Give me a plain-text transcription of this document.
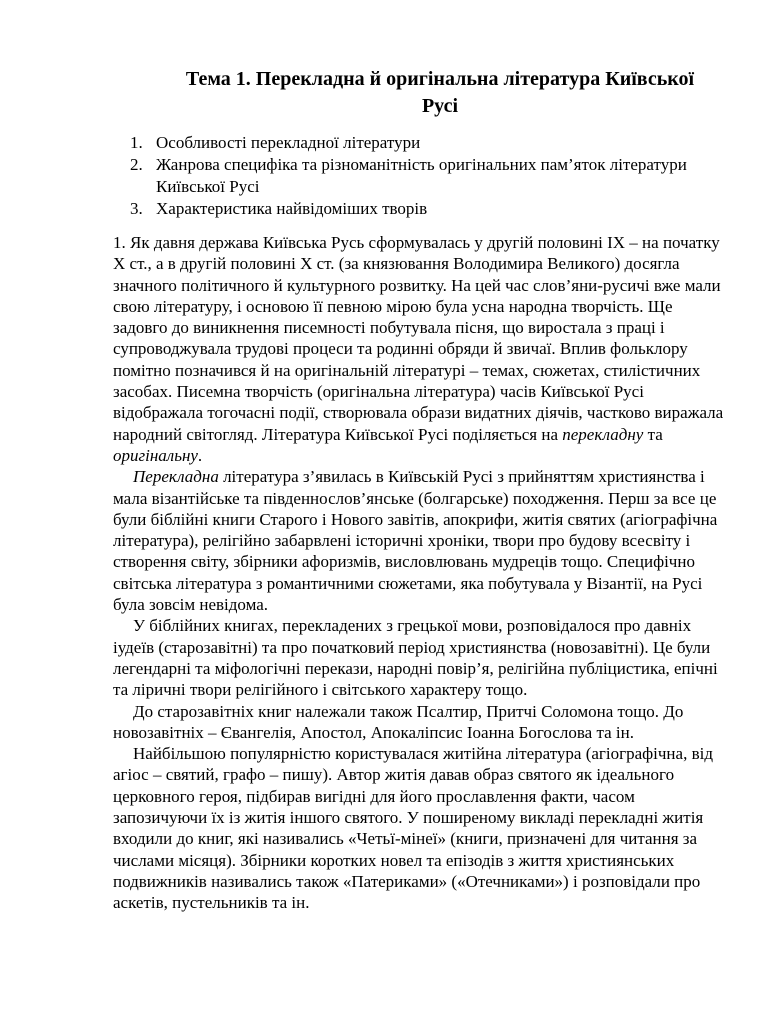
Тема 1. Перекладна й оригінальна література Київської
Русі
1. Особливості перекладної літератури
2. Жанрова специфіка та різноманітність оригінальних пам’яток літератури Київської Русі
3. Характеристика найвідоміших творів

1. Як давня держава Київська Русь сформувалась у другій половині IX – на початку X ст., а в другій половині X ст. (за князювання Володимира Великого) досягла значного політичного й культурного розвитку. На цей час слов’яни-русичі вже мали свою літературу, і основою її певною мірою була усна народна творчість. Ще задовго до виникнення писемності побутувала пісня, що виростала з праці і супроводжувала трудові процеси та родинні обряди й звичаї. Вплив фольклору помітно позначився й на оригінальній літературі – темах, сюжетах, стилістичних засобах. Писемна творчість (оригінальна література) часів Київської Русі відображала тогочасні події, створювала образи видатних діячів, частково виражала народний світогляд. Література Київської Русі поділяється на перекладну та оригінальну.

Перекладна література з’явилась в Київській Русі з прийняттям християнства і мала візантійське та південнослов’янське (болгарське) походження. Перш за все це були біблійні книги Старого і Нового завітів, апокрифи, житія святих (агіографічна література), релігійно забарвлені історичні хроніки, твори про будову всесвіту і створення світу, збірники афоризмів, висловлювань мудреців тощо. Специфічно світська література з романтичними сюжетами, яка побутувала у Візантії, на Русі була зовсім невідома.

У біблійних книгах, перекладених з грецької мови, розповідалося про давніх іудеїв (старозавітні) та про початковий період християнства (новозавітні). Це були легендарні та міфологічні перекази, народні повір’я, релігійна публіцистика, епічні та ліричні твори релігійного і світського характеру тощо.

До старозавітніх книг належали також Псалтир, Притчі Соломона тощо. До новозавітніх – Євангелія, Апостол, Апокаліпсис Іоанна Богослова та ін.

Найбільшою популярністю користувалася житійна література (агіографічна, від агіос – святий, графо – пишу). Автор житія давав образ святого як ідеального церковного героя, підбирав вигідні для його прославлення факти, часом запозичуючи їх із житія іншого святого. У поширеному викладі перекладні житія входили до книг, які називались «Четьї-мінеї» (книги, призначені для читання за числами місяця). Збірники коротких новел та епізодів з життя християнських подвижників називались також «Патериками» («Отечниками») і розповідали про аскетів, пустельників та ін.
